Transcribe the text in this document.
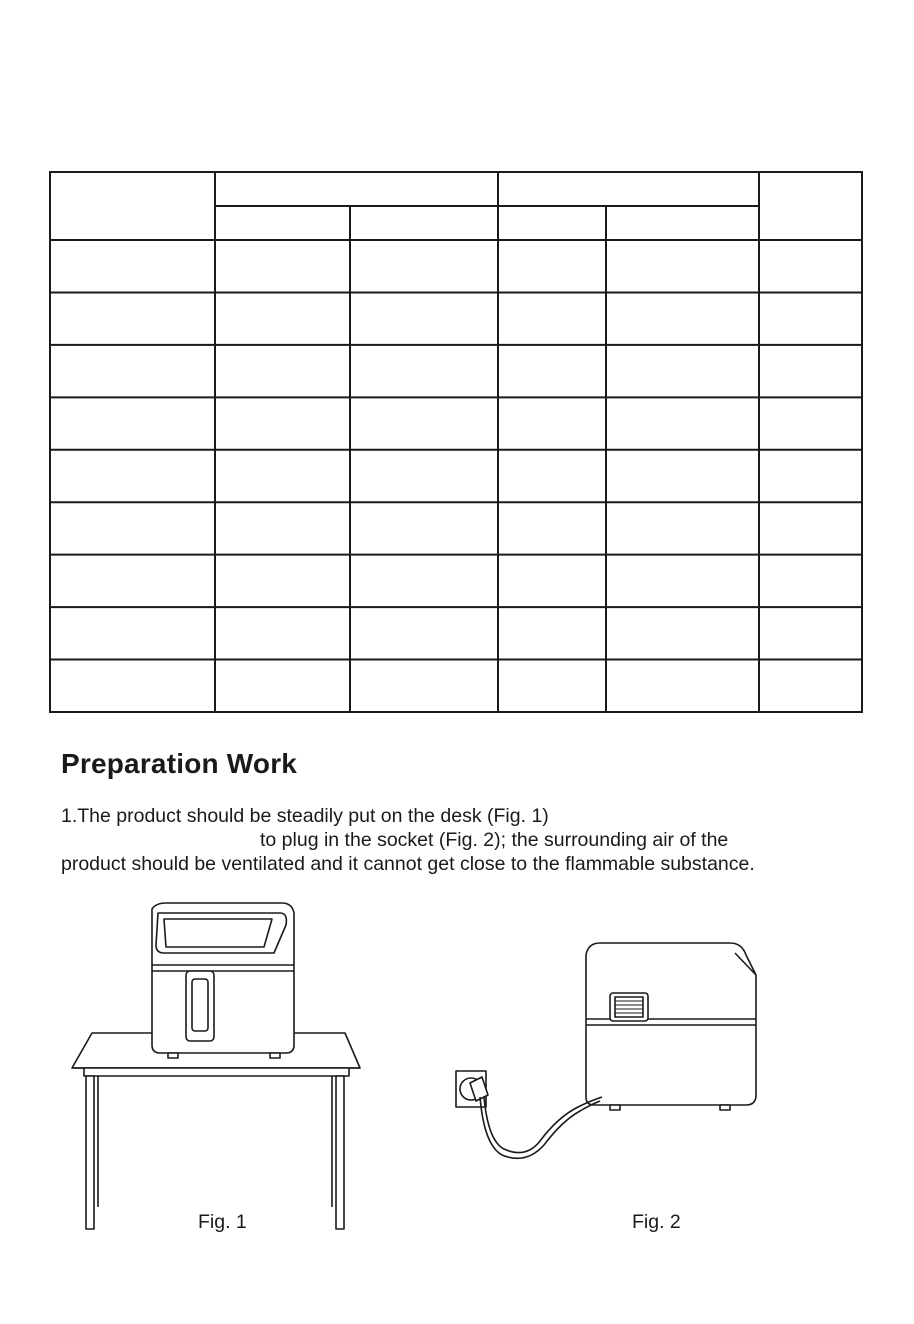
Preparation Work
1.The product should be steadily put on the desk (Fig. 1)
to plug in the socket (Fig. 2); the surrounding air of the
product should be ventilated and it cannot get close to the flammable substance.
Fig. 1	Fig. 2
